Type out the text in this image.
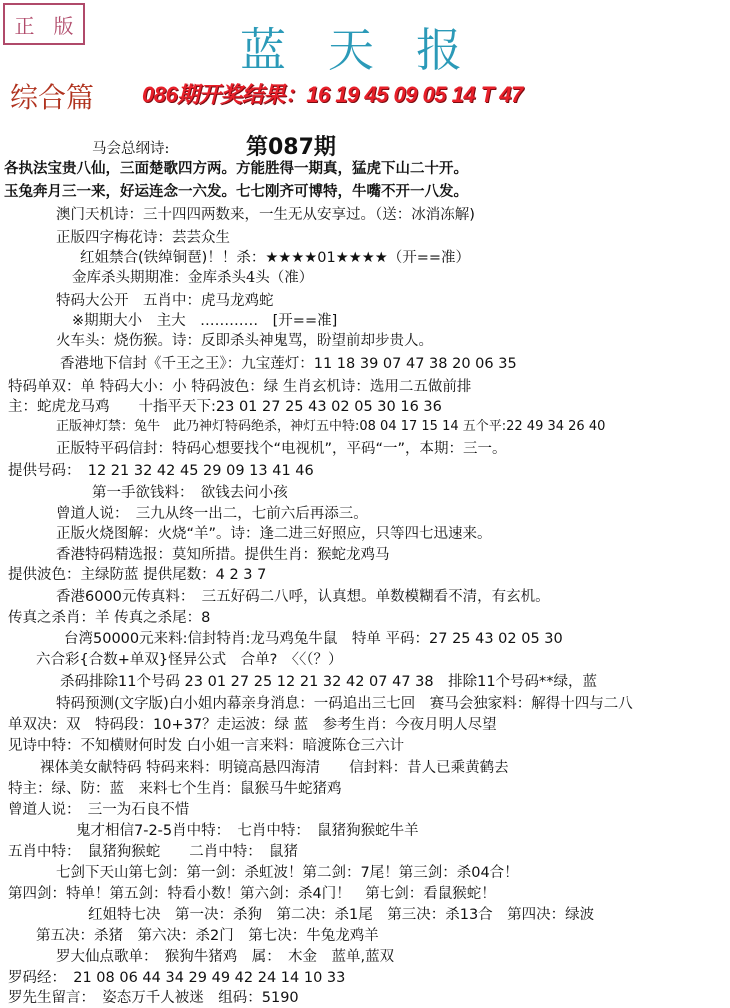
正 版	蓝天报
综合篇 086期开奖结果：16 19 45 09 05 14 T 47
第087期
马会总纲诗:
各执法宝贵八仙，三面楚歌四方两。方能胜得一期真，猛虎下山二十开。
玉兔奔月三一来，好运连念一六发。七七刚齐可博特，牛嘴不开一八发。
澳门天机诗：三十四四两数来，一生无从安享过。（送：冰消冻解)
正版四字梅花诗：芸芸众生
红姐禁合(铁绰铜琶)！！杀：★★★★01★★★★（开==准）
金库杀头期期准：金库杀头4头（准）
特码大公开　五肖中：虎马龙鸡蛇
※期期大小　主大　…………　[开==准]
火车头：烧伤猴。诗：反即杀头神鬼骂，盼望前却步贵人。
香港地下信封《千王之王》：九宝莲灯：11 18 39 07 47 38 20 06 35
特码单双：单 特码大小：小 特码波色：绿 生肖玄机诗：选用二五做前排
主：蛇虎龙马鸡　　十指平天下:23 01 27 25 43 02 05 30 16 36
正版神灯禁：兔牛　此乃神灯特码绝杀，神灯五中特:08 04 17 15 14 五个平:22 49 34 26 40
正版特平码信封：特码心想要找个“电视机”，平码“一”，本期：三一。
提供号码：　12 21 32 42 45 29 09 13 41 46
第一手欲钱料：　欲钱去问小孩
曾道人说：　三九从终一出二，七前六后再添三。
正版火烧图解：火烧“羊”。诗：逢二进三好照应，只等四七迅速来。
香港特码精选报：莫知所措。提供生肖：猴蛇龙鸡马
提供波色：主绿防蓝 提供尾数：4 2 3 7
香港6000元传真料：　三五好码二八呼，认真想。单数模糊看不清，有玄机。
传真之杀肖：羊 传真之杀尾：8
台湾50000元来料:信封特肖:龙马鸡兔牛鼠　特单 平码：27 25 43 02 05 30
六合彩{合数+单双}怪异公式　合单?　〈〈（？）
杀码排除11个号码 23 01 27 25 12 21 32 42 07 47 38　排除11个号码**绿，蓝
特码预测(文字版)白小姐内幕亲身消息：一码追出三七回　赛马会独家料：解得十四与二八
单双决：双　特码段：10+37？走运波：绿 蓝　参考生肖：今夜月明人尽望
见诗中特：不知横财何时发 白小姐一言来料：暗渡陈仓三六计
裸体美女献特码 特码来料：明镜高悬四海清　　信封料：昔人已乘黄鹤去
特主：绿、防：蓝　来料七个生肖：鼠猴马牛蛇猪鸡
曾道人说：　三一为石良不惜
鬼才相信7-2-5肖中特：　七肖中特：　鼠猪狗猴蛇牛羊
五肖中特：　鼠猪狗猴蛇　　二肖中特：　鼠猪
七剑下天山第七剑：第一剑：杀虹波！第二剑：7尾！第三剑：杀04合！
第四剑：特单！第五剑：特看小数！第六剑：杀4门！　第七剑：看鼠猴蛇！
红姐特七决　第一决：杀狗　第二决：杀1尾　第三决：杀13合　第四决：绿波
第五决：杀猪　第六决：杀2门　第七决：牛兔龙鸡羊
罗大仙点歌单：　猴狗牛猪鸡　属：　木金　蓝单,蓝双
罗码经：　21 08 06 44 34 29 49 42 24 14 10 33
罗先生留言：　姿态万千人被迷　组码：5190
